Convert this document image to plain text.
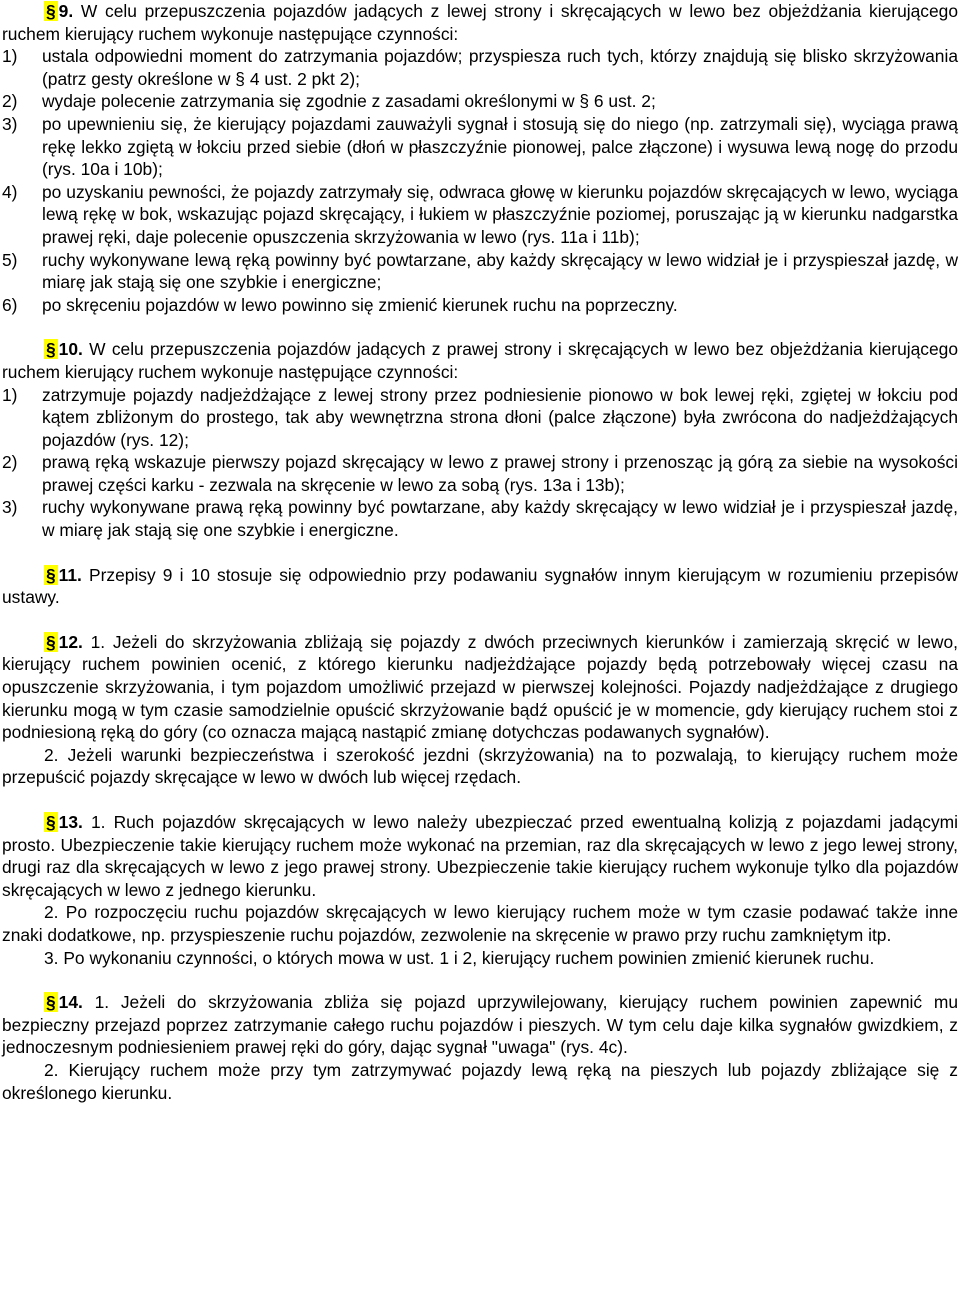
§ 9. W celu przepuszczenia pojazdów jadących z lewej strony i skręcających w lewo bez objeżdżania kierującego ruchem kierujący ruchem wykonuje następujące czynności:

1)	ustala odpowiedni moment do zatrzymania pojazdów; przyspiesza ruch tych, którzy znajdują się blisko skrzyżowania (patrz gesty określone w § 4 ust. 2 pkt 2);
2)	wydaje polecenie zatrzymania się zgodnie z zasadami określonymi w § 6 ust. 2;
3)	po upewnieniu się, że kierujący pojazdami zauważyli sygnał i stosują się do niego (np. zatrzymali się), wyciąga prawą rękę lekko zgiętą w łokciu przed siebie (dłoń w płaszczyźnie pionowej, palce złączone) i wysuwa lewą nogę do przodu (rys. 10a i 10b);
4)	po uzyskaniu pewności, że pojazdy zatrzymały się, odwraca głowę w kierunku pojazdów skręcających w lewo, wyciąga lewą rękę w bok, wskazując pojazd skręcający, i łukiem w płaszczyźnie poziomej, poruszając ją w kierunku nadgarstka prawej ręki, daje polecenie opuszczenia skrzyżowania w lewo (rys. 11a i 11b);
5)	ruchy wykonywane lewą ręką powinny być powtarzane, aby każdy skręcający w lewo widział je i przyspieszał jazdę, w miarę jak stają się one szybkie i energiczne;
6)	po skręceniu pojazdów w lewo powinno się zmienić kierunek ruchu na poprzeczny.

§ 10. W celu przepuszczenia pojazdów jadących z prawej strony i skręcających w lewo bez objeżdżania kierującego ruchem kierujący ruchem wykonuje następujące czynności:

1)	zatrzymuje pojazdy nadjeżdżające z lewej strony przez podniesienie pionowo w bok lewej ręki, zgiętej w łokciu pod kątem zbliżonym do prostego, tak aby wewnętrzna strona dłoni (palce złączone) była zwrócona do nadjeżdżających pojazdów (rys. 12);
2)	prawą ręką wskazuje pierwszy pojazd skręcający w lewo z prawej strony i przenosząc ją górą za siebie na wysokości prawej części karku - zezwala na skręcenie w lewo za sobą (rys. 13a i 13b);
3)	ruchy wykonywane prawą ręką powinny być powtarzane, aby każdy skręcający w lewo widział je i przyspieszał jazdę, w miarę jak stają się one szybkie i energiczne.

§ 11. Przepisy 9 i 10 stosuje się odpowiednio przy podawaniu sygnałów innym kierującym w rozumieniu przepisów ustawy.

§ 12. 1. Jeżeli do skrzyżowania zbliżają się pojazdy z dwóch przeciwnych kierunków i zamierzają skręcić w lewo, kierujący ruchem powinien ocenić, z którego kierunku nadjeżdżające pojazdy będą potrzebowały więcej czasu na opuszczenie skrzyżowania, i tym pojazdom umożliwić przejazd w pierwszej kolejności. Pojazdy nadjeżdżające z drugiego kierunku mogą w tym czasie samodzielnie opuścić skrzyżowanie bądź opuścić je w momencie, gdy kierujący ruchem stoi z podniesioną ręką do góry (co oznacza mającą nastąpić zmianę dotychczas podawanych sygnałów).

2. Jeżeli warunki bezpieczeństwa i szerokość jezdni (skrzyżowania) na to pozwalają, to kierujący ruchem może przepuścić pojazdy skręcające w lewo w dwóch lub więcej rzędach.

§ 13. 1. Ruch pojazdów skręcających w lewo należy ubezpieczać przed ewentualną kolizją z pojazdami jadącymi prosto. Ubezpieczenie takie kierujący ruchem może wykonać na przemian, raz dla skręcających w lewo z jego lewej strony, drugi raz dla skręcających w lewo z jego prawej strony. Ubezpieczenie takie kierujący ruchem wykonuje tylko dla pojazdów skręcających w lewo z jednego kierunku.

2. Po rozpoczęciu ruchu pojazdów skręcających w lewo kierujący ruchem może w tym czasie podawać także inne znaki dodatkowe, np. przyspieszenie ruchu pojazdów, zezwolenie na skręcenie w prawo przy ruchu zamkniętym itp.

3. Po wykonaniu czynności, o których mowa w ust. 1 i 2, kierujący ruchem powinien zmienić kierunek ruchu.

§ 14. 1. Jeżeli do skrzyżowania zbliża się pojazd uprzywilejowany, kierujący ruchem powinien zapewnić mu bezpieczny przejazd poprzez zatrzymanie całego ruchu pojazdów i pieszych. W tym celu daje kilka sygnałów gwizdkiem, z jednoczesnym podniesieniem prawej ręki do góry, dając sygnał "uwaga" (rys. 4c).

2. Kierujący ruchem może przy tym zatrzymywać pojazdy lewą ręką na pieszych lub pojazdy zbliżające się z określonego kierunku.
